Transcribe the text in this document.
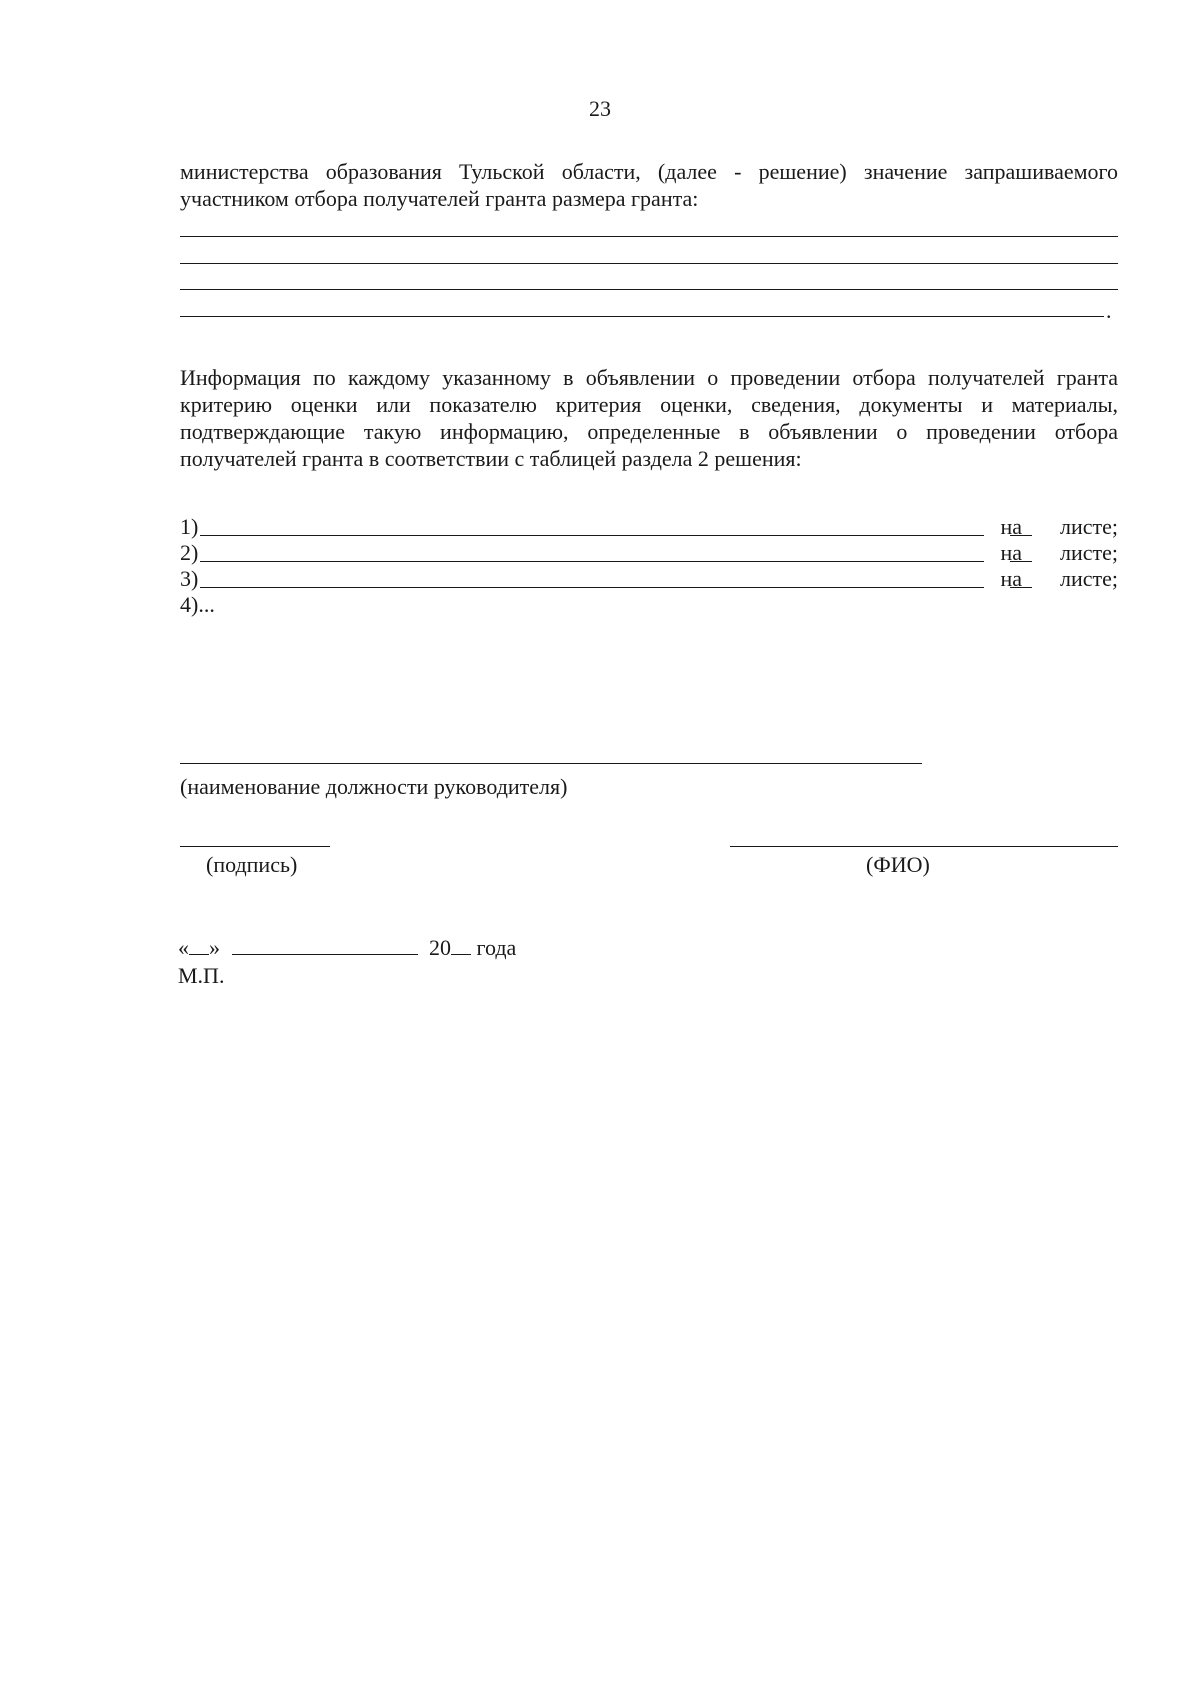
23
министерства образования Тульской области, (далее - решение) значение запрашиваемого участником отбора получателей гранта размера гранта:
.
Информация по каждому указанному в объявлении о проведении отбора получателей гранта критерию оценки или показателю критерия оценки, сведения, документы и материалы, подтверждающие такую информацию, определенные в объявлении о проведении отбора получателей гранта в соответствии с таблицей раздела 2 решения:
1)	на листе;
2)	на листе;
3)	на листе;
4)...
(наименование должности руководителя)
(подпись)	(ФИО)
« »	20 года
М.П.
